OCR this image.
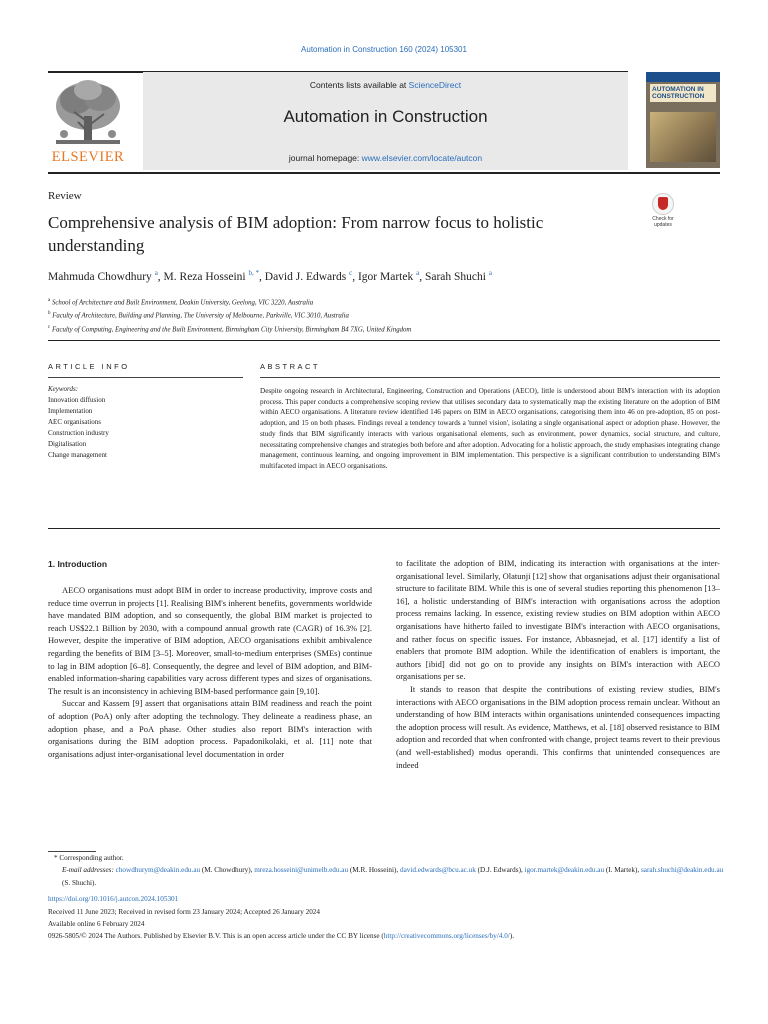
Automation in Construction 160 (2024) 105301
Contents lists available at ScienceDirect
Automation in Construction
journal homepage: www.elsevier.com/locate/autcon
ELSEVIER
AUTOMATION IN CONSTRUCTION
Review
Comprehensive analysis of BIM adoption: From narrow focus to holistic understanding
Check for updates
Mahmuda Chowdhury $^a$, M. Reza Hosseini $^{b, *}$, David J. Edwards $^c$, Igor Martek $^a$, Sarah Shuchi $^a$
$^a$ School of Architecture and Built Environment, Deakin University, Geelong, VIC 3220, Australia
$^b$ Faculty of Architecture, Building and Planning, The University of Melbourne, Parkville, VIC 3010, Australia
$^c$ Faculty of Computing, Engineering and the Built Environment, Birmingham City University, Birmingham B4 7XG, United Kingdom
ARTICLE INFO
Keywords:
Innovation diffusion
Implementation
AEC organisations
Construction industry
Digitalisation
Change management
ABSTRACT
Despite ongoing research in Architectural, Engineering, Construction and Operations (AECO), little is understood about BIM's interaction with its adoption process. This paper conducts a comprehensive scoping review that utilises secondary data to systematically map the existing literature on the adoption of BIM within AECO organisations. A literature review identified 146 papers on BIM in AECO organisations, categorising them into 46 on pre-adoption, 85 on post-adoption, and 15 on both phases. Findings reveal a tendency towards a 'tunnel vision', isolating a single organisational aspect or adoption phase. However, the study finds that BIM significantly interacts with various organisational elements, such as environment, power dynamics, social structure, and culture, necessitating comprehensive changes and strategies both before and after adoption. Advocating for a holistic approach, the study emphasises integrating change management, continuous learning, and ongoing improvement in BIM implementation. This perspective is a significant contribution to understanding BIM's multifaceted impact in AECO organisations.
1. Introduction

AECO organisations must adopt BIM in order to increase productivity, improve costs and reduce time overrun in projects [1]. Realising BIM's inherent benefits, governments worldwide have mandated BIM adoption, and so consequently, the global BIM market is projected to reach US$22.1 Billion by 2030, with a compound annual growth rate (CAGR) of 16.3% [2]. However, despite the imperative of BIM adoption, AECO organisations exhibit ambivalence regarding the benefits of BIM [3–5]. Moreover, small-to-medium enterprises (SMEs) continue to lag in BIM adoption [6–8]. Consequently, the degree and level of BIM adoption, and BIM-enabled information-sharing capabilities vary across different types and sizes of organisations. The result is an inconsistency in achieving BIM-based performance gain [9,10].

Succar and Kassem [9] assert that organisations attain BIM readiness and reach the point of adoption (PoA) only after adopting the technology. They delineate a readiness phase, an adoption phase, and a PoA phase. Other studies also report BIM's interaction with organisations during the BIM adoption process. Papadonikolaki, et al. [11] note that organisations adjust inter-organisational level documentation in order

to facilitate the adoption of BIM, indicating its interaction with organisations at the inter-organisational level. Similarly, Olatunji [12] show that organisations adjust their organisational structure to facilitate BIM. While this is one of several studies reporting this phenomenon [13–16], a holistic understanding of BIM's interaction with organisations across the adoption process remains lacking. In essence, existing review studies on BIM adoption within AECO organisations have hitherto failed to investigate BIM's interaction with AECO organisations, and rather focus on specific issues. For instance, Abbasnejad, et al. [17] identify a list of enablers that promote BIM adoption. While the identification of enablers is important, the authors [ibid] did not go on to provide any insights on BIM's interaction with AECO organisations per se.

It stands to reason that despite the contributions of existing review studies, BIM's interactions with AECO organisations in the BIM adoption process remain unclear. Without an understanding of how BIM interacts within organisations unintended consequences impacting the adoption process will result. As evidence, Matthews, et al. [18] observed resistance to BIM adoption and recorded that when confronted with change, project teams revert to their previous (and well-established) modus operandi. This confirms that unintended consequences are indeed

* Corresponding author.
E-mail addresses: chowdhurym@deakin.edu.au (M. Chowdhury), mreza.hosseini@unimelb.edu.au (M.R. Hosseini), david.edwards@bcu.ac.uk (D.J. Edwards), igor.martek@deakin.edu.au (I. Martek), sarah.shuchi@deakin.edu.au (S. Shuchi).
https://doi.org/10.1016/j.autcon.2024.105301
Received 11 June 2023; Received in revised form 23 January 2024; Accepted 26 January 2024
Available online 6 February 2024
0926-5805/© 2024 The Authors. Published by Elsevier B.V. This is an open access article under the CC BY license (http://creativecommons.org/licenses/by/4.0/).
